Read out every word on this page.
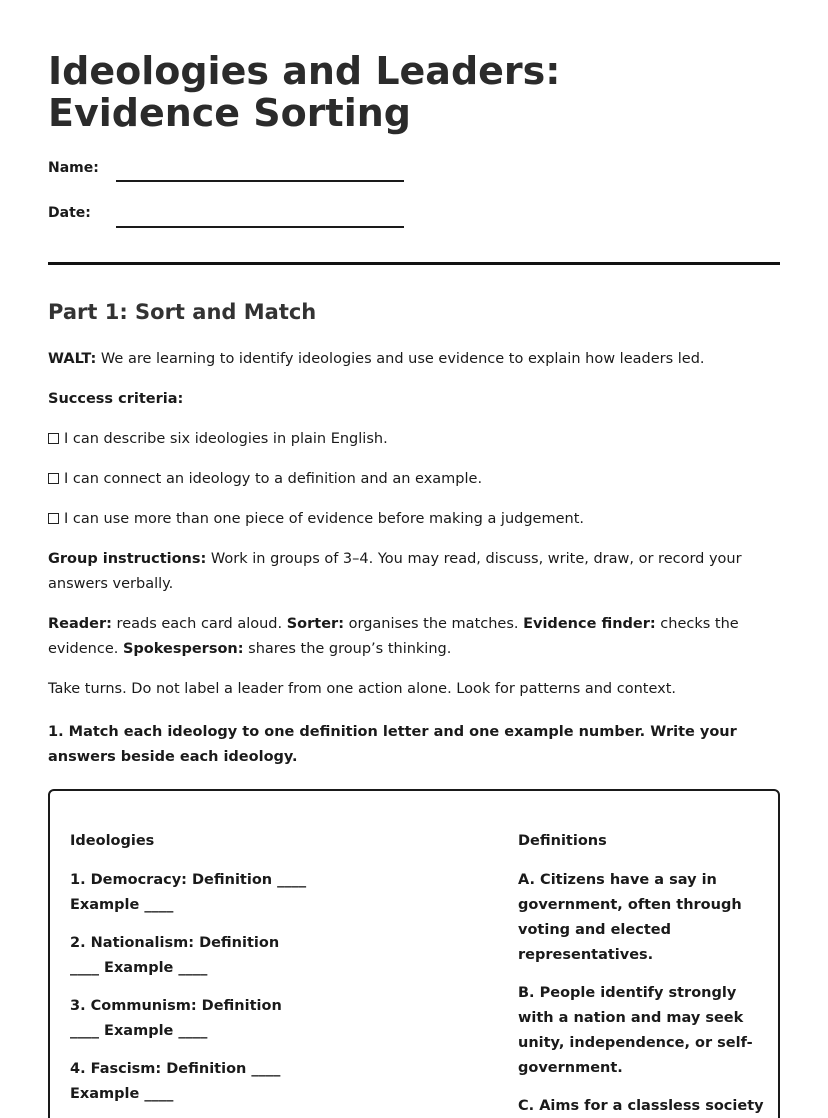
Ideologies and Leaders: Evidence Sorting
Name:
Date:
Part 1: Sort and Match
WALT: We are learning to identify ideologies and use evidence to explain how leaders led.
Success criteria:
I can describe six ideologies in plain English.
I can connect an ideology to a definition and an example.
I can use more than one piece of evidence before making a judgement.
Group instructions: Work in groups of 3–4. You may read, discuss, write, draw, or record your answers verbally.
Reader: reads each card aloud. Sorter: organises the matches. Evidence finder: checks the evidence. Spokesperson: shares the group’s thinking.
Take turns. Do not label a leader from one action alone. Look for patterns and context.
1. Match each ideology to one definition letter and one example number. Write your answers beside each ideology.
Ideologies
1. Democracy: Definition ____ Example ____
2. Nationalism: Definition ____ Example ____
3. Communism: Definition ____ Example ____
4. Fascism: Definition ____ Example ____
Definitions
A. Citizens have a say in government, often through voting and elected representatives.
B. People identify strongly with a nation and may seek unity, independence, or self-government.
C. Aims for a classless society
